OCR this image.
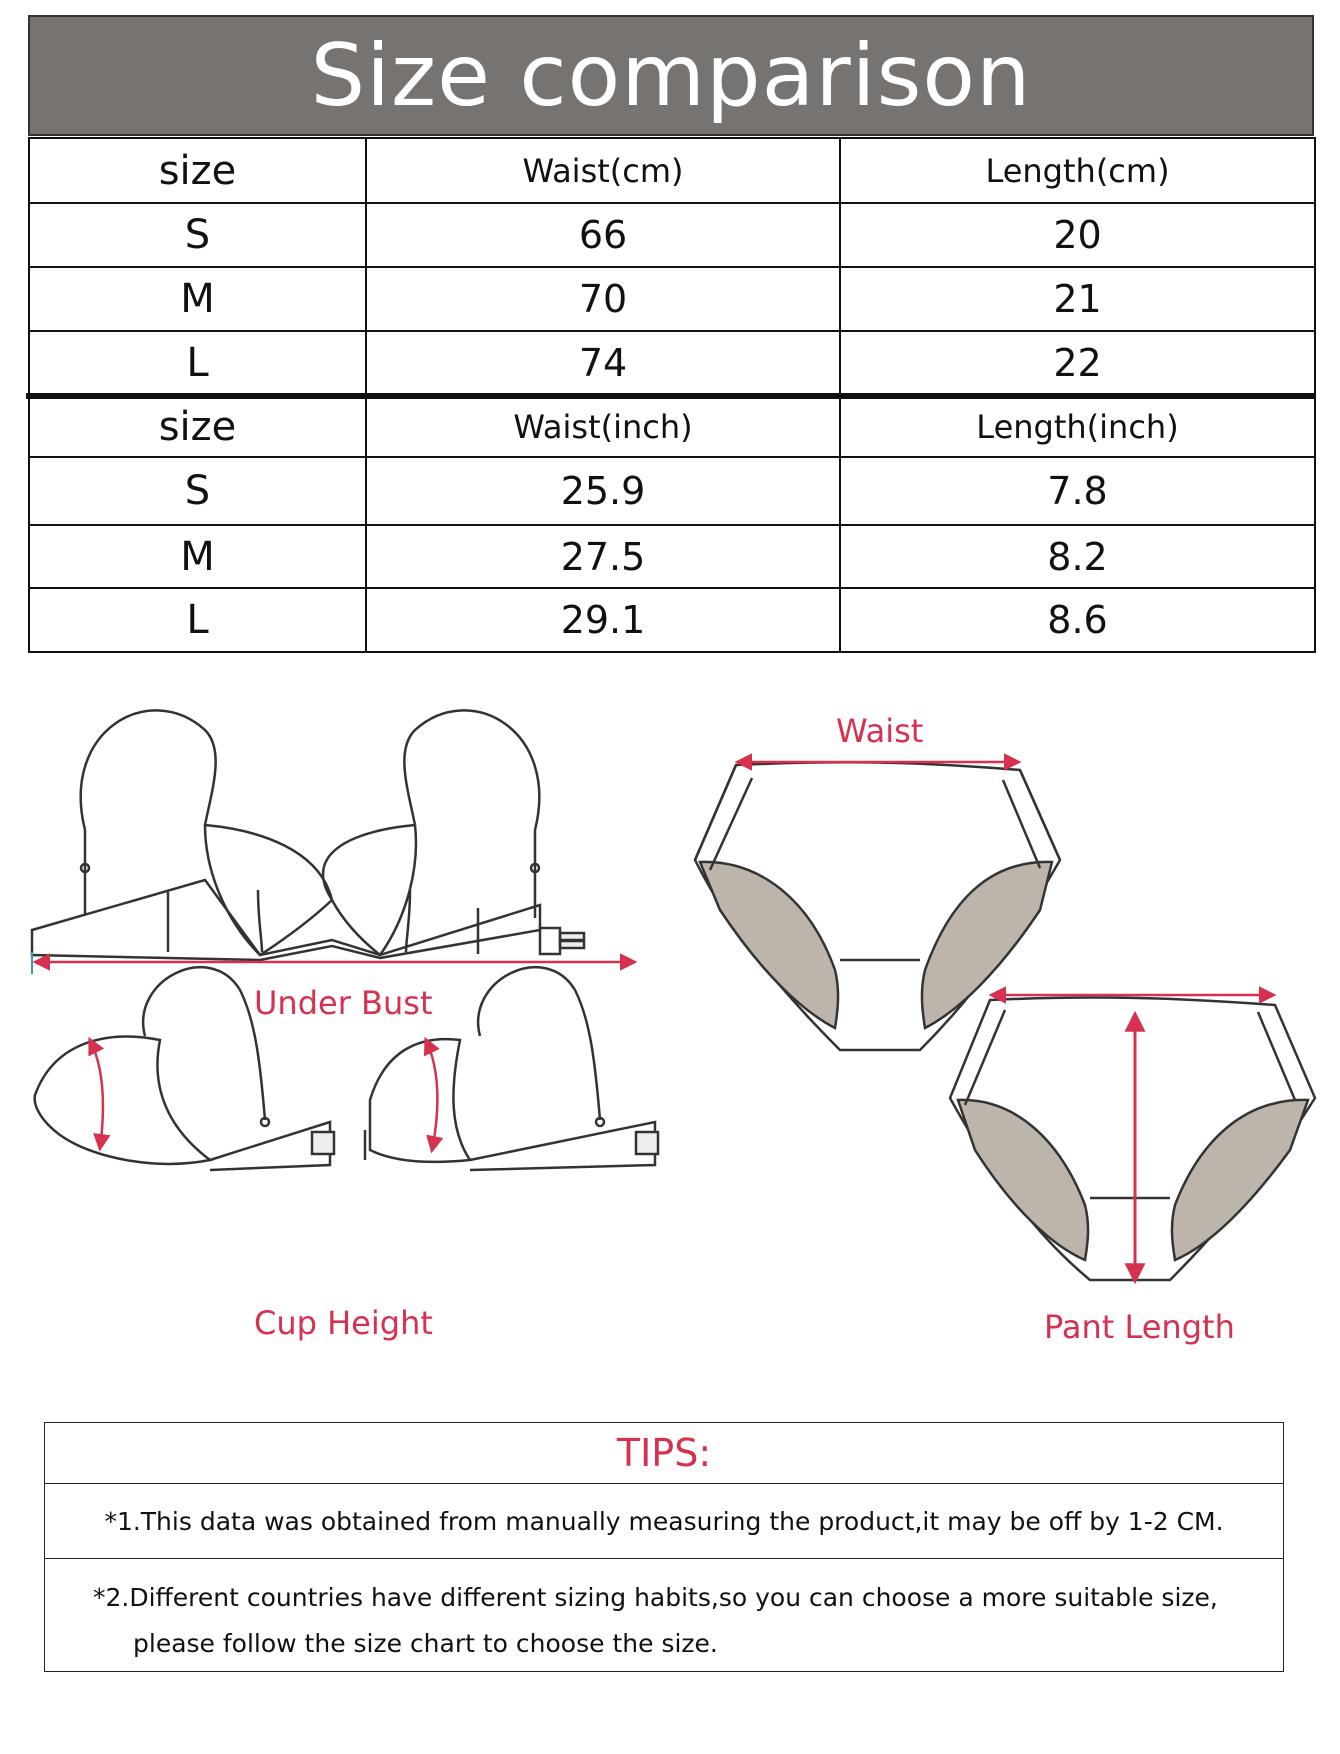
Size comparison
size	Waist(cm)	Length(cm)
S	66	20
M	70	21
L	74	22
size	Waist(inch)	Length(inch)
S	25.9	7.8
M	27.5	8.2
L	29.1	8.6
Under Bust
Cup Height
Waist
Pant Length
TIPS:
*1.This data was obtained from manually measuring the product,it may be off by 1-2 CM.
*2.Different countries have different sizing habits,so you can choose a more suitable size,
please follow the size chart to choose the size.
